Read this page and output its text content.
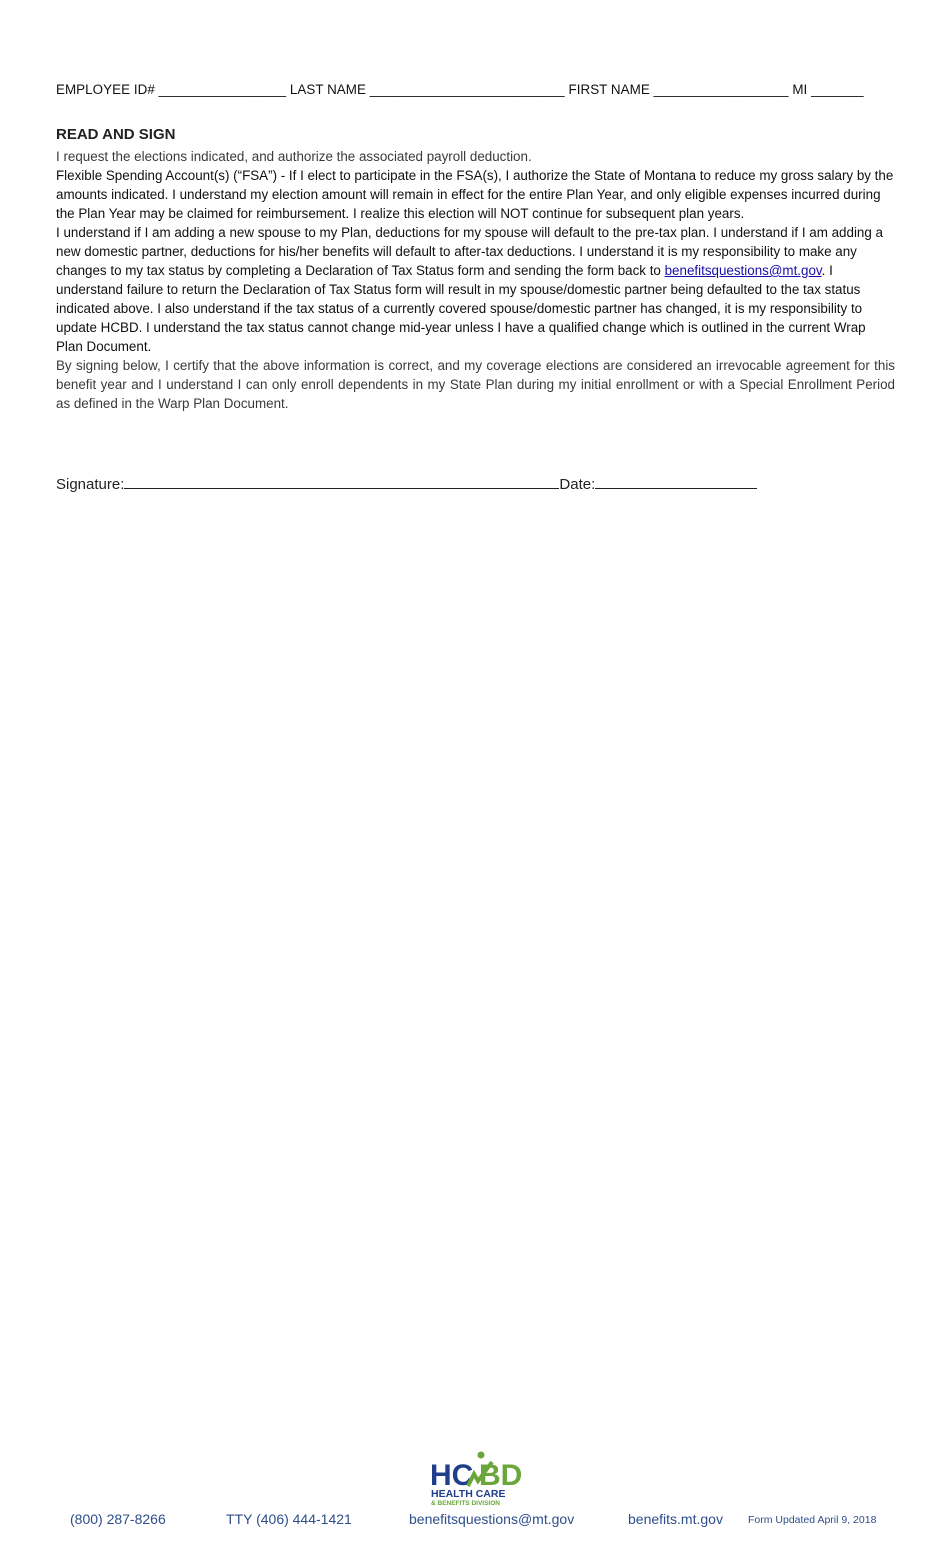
EMPLOYEE ID# _________________ LAST NAME __________________________ FIRST NAME __________________ MI _______
READ AND SIGN

I request the elections indicated, and authorize the associated payroll deduction.

Flexible Spending Account(s) (“FSA”) - If I elect to participate in the FSA(s), I authorize the State of Montana to reduce my gross salary by the amounts indicated. I understand my election amount will remain in effect for the entire Plan Year, and only eligible expenses incurred during the Plan Year may be claimed for reimbursement. I realize this election will NOT continue for subsequent plan years.

I understand if I am adding a new spouse to my Plan, deductions for my spouse will default to the pre-tax plan. I understand if I am adding a new domestic partner, deductions for his/her benefits will default to after-tax deductions. I understand it is my responsibility to make any changes to my tax status by completing a Declaration of Tax Status form and sending the form back to benefitsquestions@mt.gov. I understand failure to return the Declaration of Tax Status form will result in my spouse/domestic partner being defaulted to the tax status indicated above. I also understand if the tax status of a currently covered spouse/domestic partner has changed, it is my responsibility to update HCBD. I understand the tax status cannot change mid-year unless I have a qualified change which is outlined in the current Wrap Plan Document.

By signing below, I certify that the above information is correct, and my coverage elections are considered an irrevocable agreement for this benefit year and I understand I can only enroll dependents in my State Plan during my initial enrollment or with a Special Enrollment Period as defined in the Warp Plan Document.

Signature:	Date:
HC BD
HEALTH CARE
& BENEFITS DIVISION
(800) 287-8266	TTY (406) 444-1421	benefitsquestions@mt.gov	benefits.mt.gov Form Updated April 9, 2018
